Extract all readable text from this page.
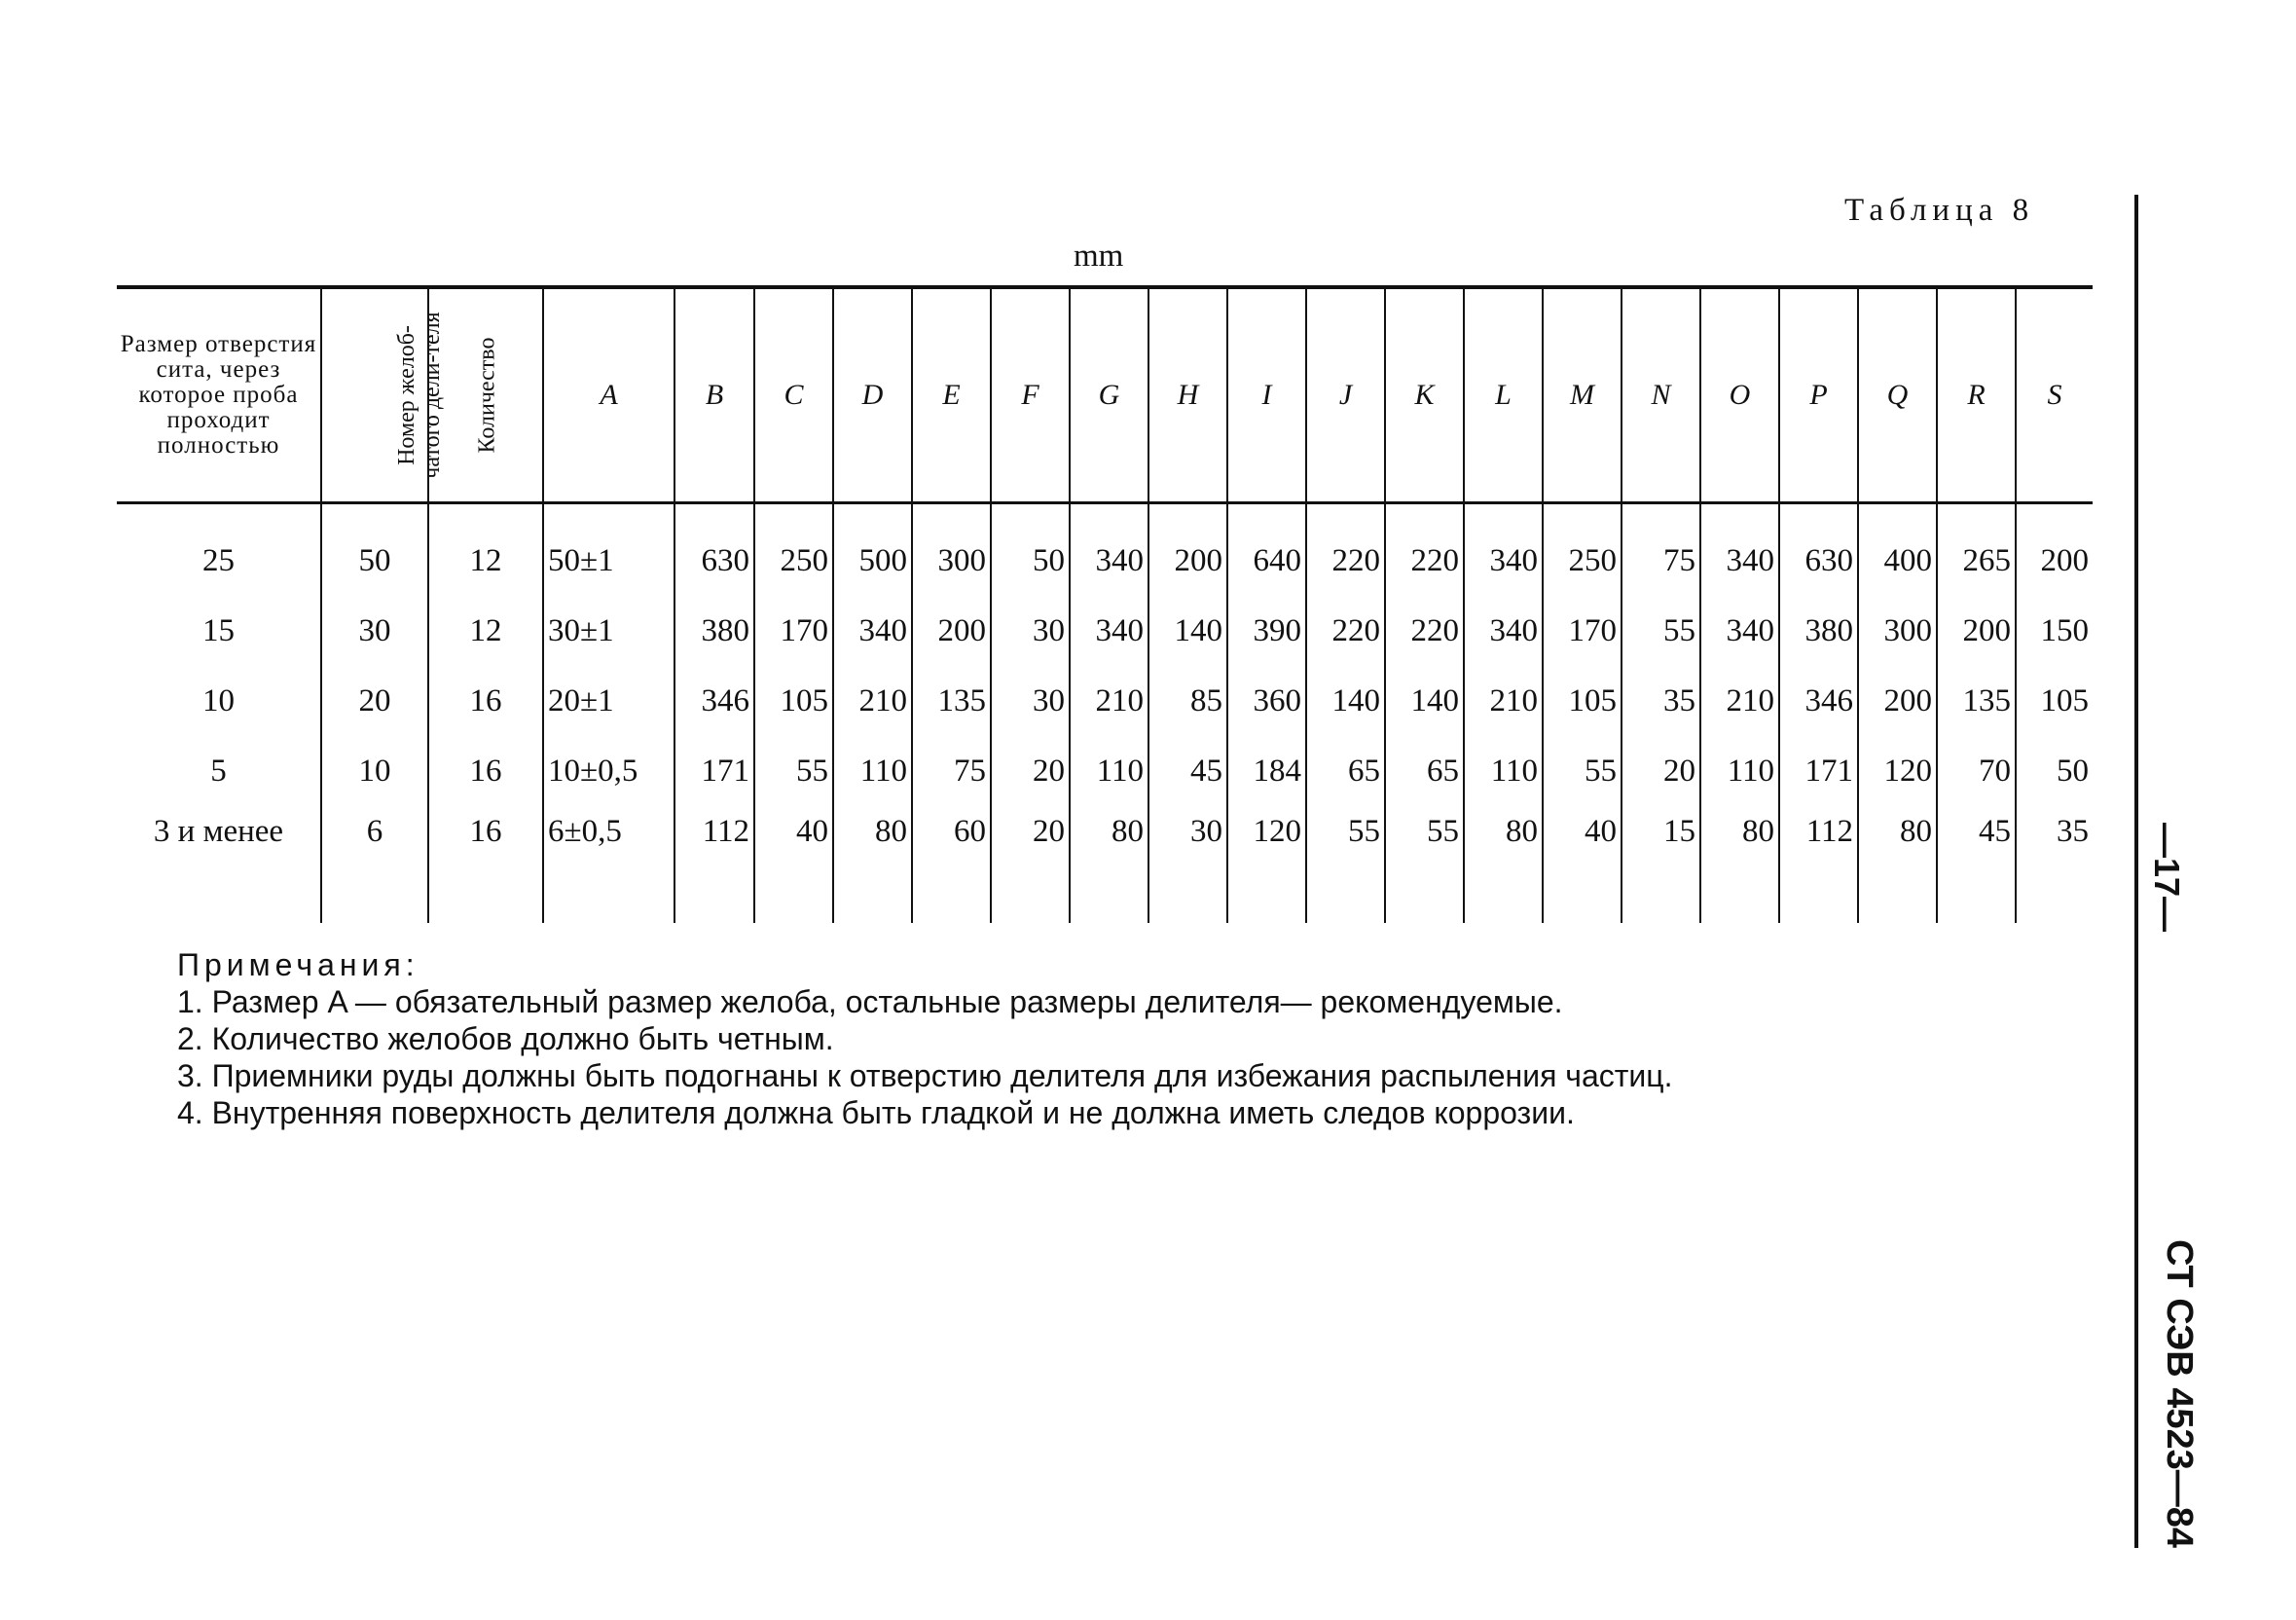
Таблица 8
mm
Размер отверстия сита, через которое проба проходит полностью	Номер желоб-чатого дели-теля	Количество	A	B	C	D	E	F	G	H	I	J	K	L	M	N	O	P	Q	R	S
25	50	12	50±1	630	250	500	300	50	340	200	640	220	220	340	250	75	340	630	400	265	200
15	30	12	30±1	380	170	340	200	30	340	140	390	220	220	340	170	55	340	380	300	200	150
10	20	16	20±1	346	105	210	135	30	210	85	360	140	140	210	105	35	210	346	200	135	105
5	10	16	10±0,5	171	55	110	75	20	110	45	184	65	65	110	55	20	110	171	120	70	50
3 и менее	6	16	6±0,5	112	40	80	60	20	80	30	120	55	55	80	40	15	80	112	80	45	35
Примечания:
1. Размер A — обязательный размер желоба, остальные размеры делителя— рекомендуемые.
2. Количество желобов должно быть четным.
3. Приемники руды должны быть подогнаны к отверстию делителя для избежания распыления частиц.
4. Внутренняя поверхность делителя должна быть гладкой и не должна иметь следов коррозии.
—17—
СТ СЭВ 4523—84
